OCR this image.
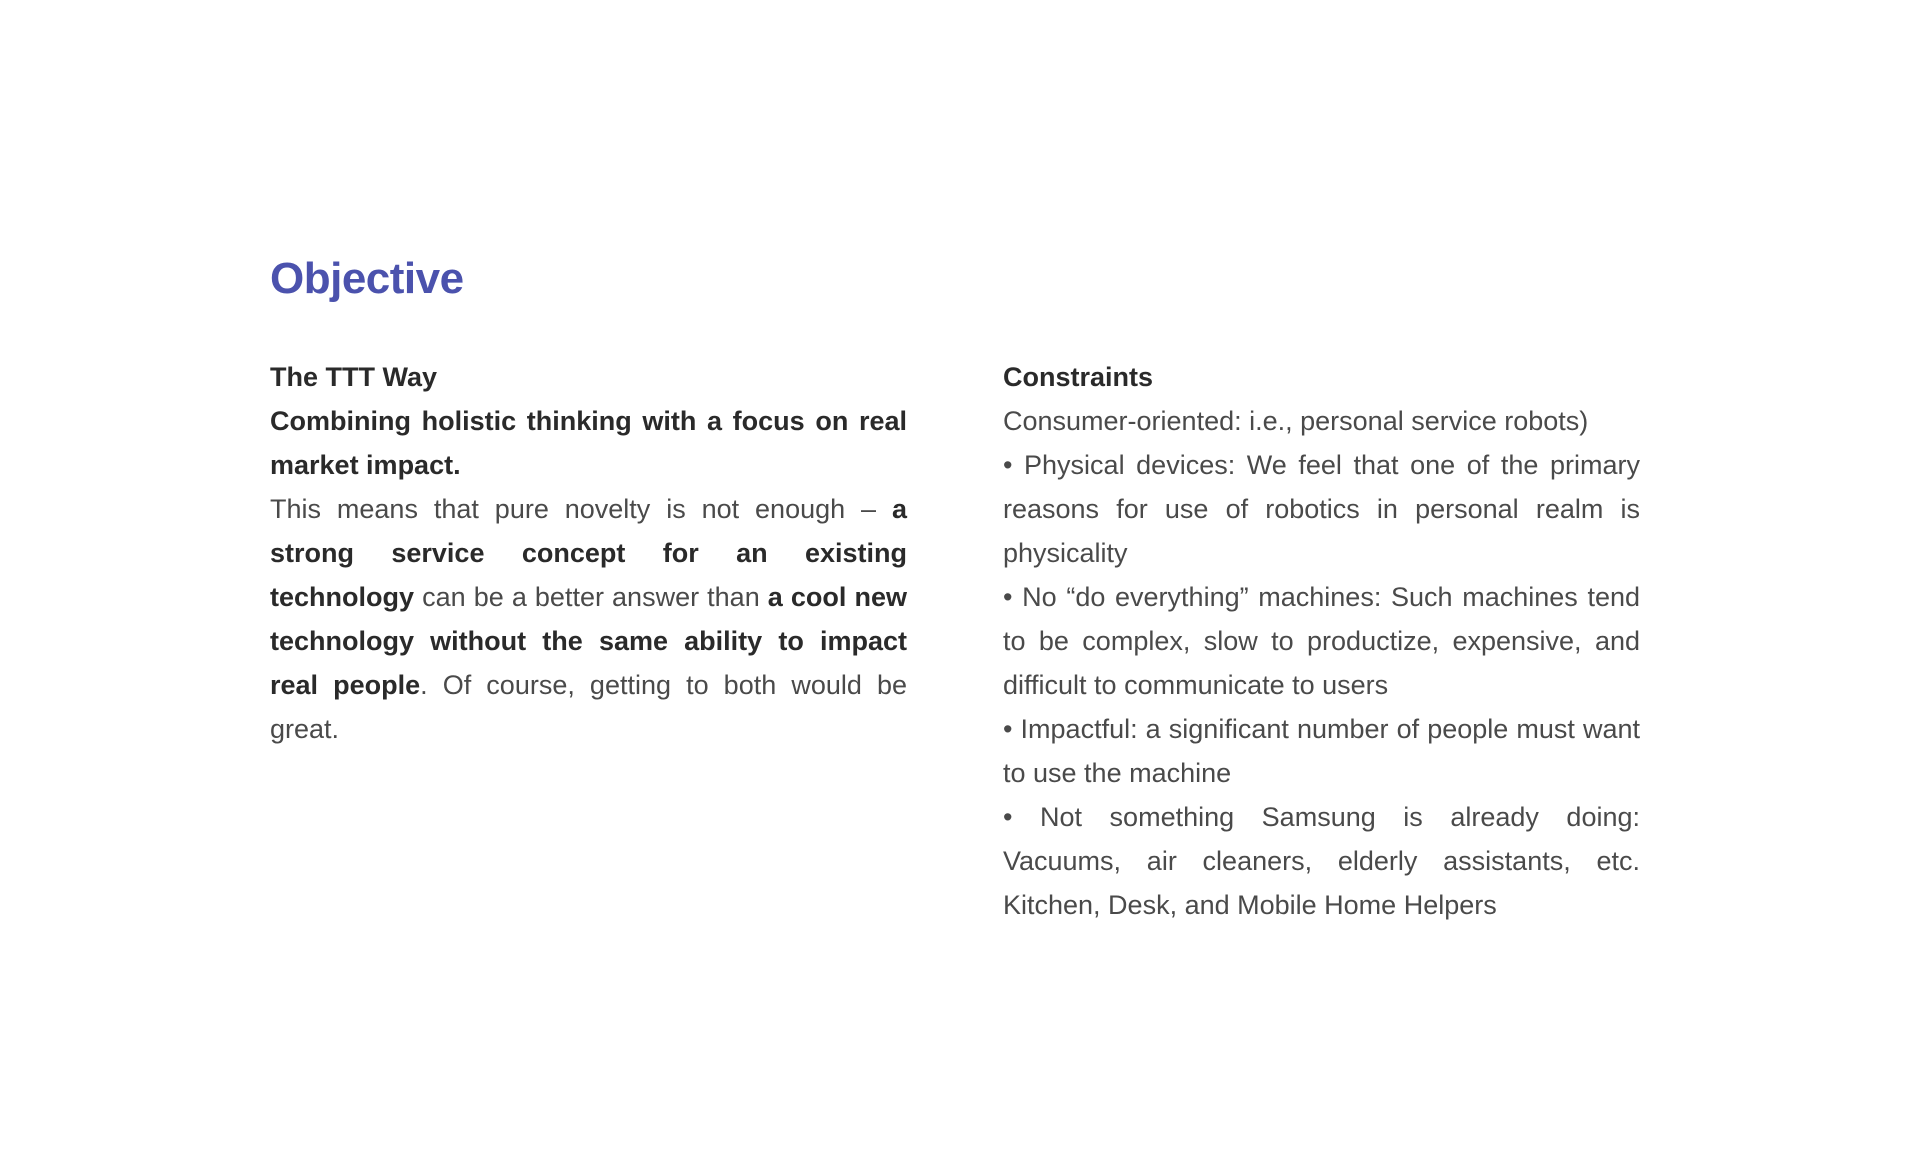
Objective
The TTT Way

Combining holistic thinking with a focus on real market impact.

This means that pure novelty is not enough – a strong service concept for an existing technology can be a better answer than a cool new technology without the same ability to impact real people. Of course, getting to both would be great.

Constraints

Consumer-oriented: i.e., personal service robots)

• Physical devices: We feel that one of the primary reasons for use of robotics in personal realm is physicality

• No “do everything” machines: Such machines tend to be complex, slow to productize, expensive, and difficult to communicate to users

• Impactful: a significant number of people must want to use the machine

• Not something Samsung is already doing: Vacuums, air cleaners, elderly assistants, etc. Kitchen, Desk, and Mobile Home Helpers
